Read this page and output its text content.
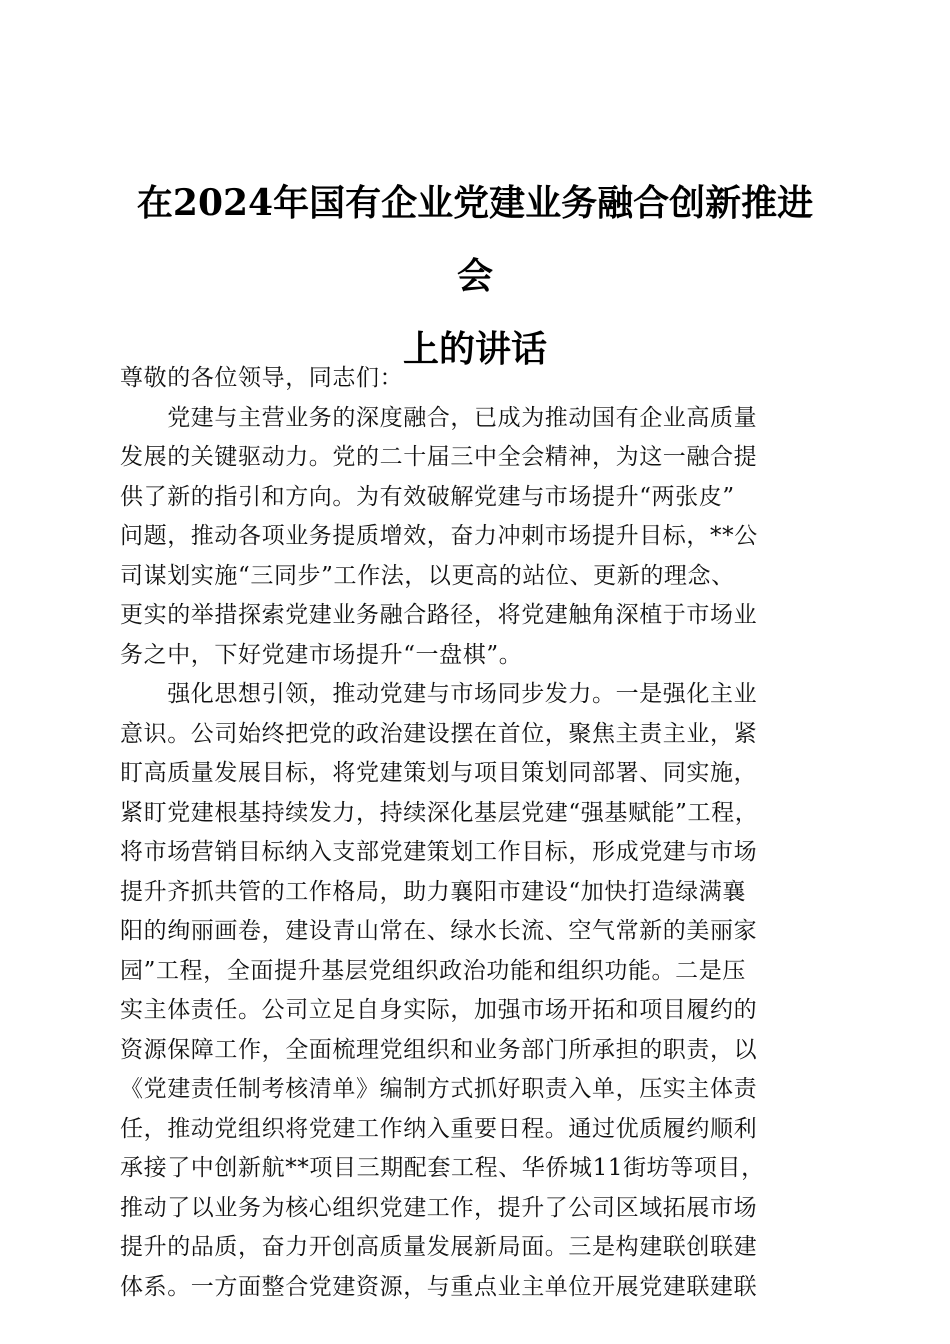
在2024年国有企业党建业务融合创新推进会
上的讲话
尊敬的各位领导，同志们：
　　党建与主营业务的深度融合，已成为推动国有企业高质量
发展的关键驱动力。党的二十届三中全会精神，为这一融合提
供了新的指引和方向。为有效破解党建与市场提升“两张皮”
问题，推动各项业务提质增效，奋力冲刺市场提升目标，**公
司谋划实施“三同步”工作法，以更高的站位、更新的理念、
更实的举措探索党建业务融合路径，将党建触角深植于市场业
务之中，下好党建市场提升“一盘棋”。
　　强化思想引领，推动党建与市场同步发力。一是强化主业
意识。公司始终把党的政治建设摆在首位，聚焦主责主业，紧
盯高质量发展目标，将党建策划与项目策划同部署、同实施，
紧盯党建根基持续发力，持续深化基层党建“强基赋能”工程，
将市场营销目标纳入支部党建策划工作目标，形成党建与市场
提升齐抓共管的工作格局，助力襄阳市建设“加快打造绿满襄
阳的绚丽画卷，建设青山常在、绿水长流、空气常新的美丽家
园”工程，全面提升基层党组织政治功能和组织功能。二是压
实主体责任。公司立足自身实际，加强市场开拓和项目履约的
资源保障工作，全面梳理党组织和业务部门所承担的职责，以
《党建责任制考核清单》编制方式抓好职责入单，压实主体责
任，推动党组织将党建工作纳入重要日程。通过优质履约顺利
承接了中创新航**项目三期配套工程、华侨城11街坊等项目，
推动了以业务为核心组织党建工作，提升了公司区域拓展市场
提升的品质，奋力开创高质量发展新局面。三是构建联创联建
体系。一方面整合党建资源，与重点业主单位开展党建联建联
